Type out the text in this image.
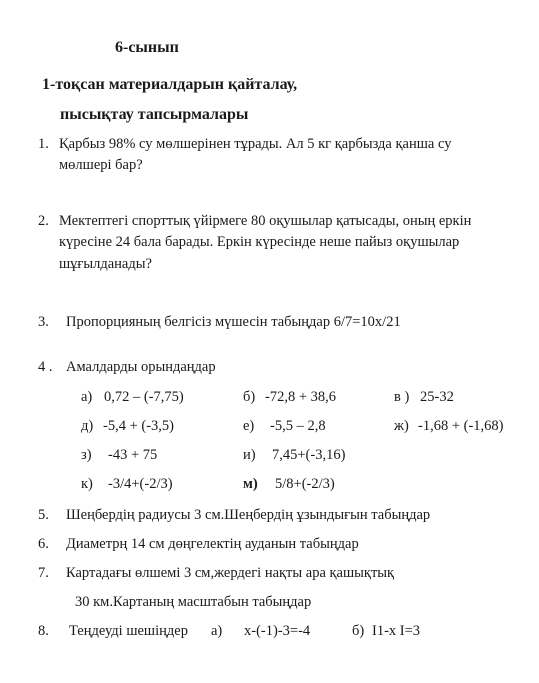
6-сынып
1-тоқсан материалдарын қайталау,
пысықтау тапсырмалары
1. Қарбыз 98% су мөлшерінен тұрады. Ал 5 кг қарбызда қанша су
мөлшері бар?
2. Мектептегі спорттық үйірмеге 80 оқушылар қатысады, оның еркін
күресіне 24 бала барады. Еркін күресінде неше пайыз оқушылар
шұғылданады?
3. Пропорцияның белгісіз мүшесін табыңдар 6/7=10х/21
4 . Амалдарды орындаңдар
а) 0,72 – (-7,75)	б) -72,8 + 38,6	в ) 25-32
д) -5,4 + (-3,5)	е) -5,5 – 2,8	ж) -1,68 + (-1,68)
з) -43 + 75	и) 7,45+(-3,16)
к) -3/4+(-2/3)	м) 5/8+(-2/3)
5. Шеңбердің радиусы 3 см.Шеңбердің ұзындығын табыңдар
6. Диаметрң 14 см дөңгелектің ауданын табыңдар
7. Картадағы өлшемі 3 см,жердегі нақты ара қашықтық
30 км.Картаның масштабын табыңдар
8. Теңдеуді шешіңдер а) х-(-1)-3=-4	б) I1-х I=3
